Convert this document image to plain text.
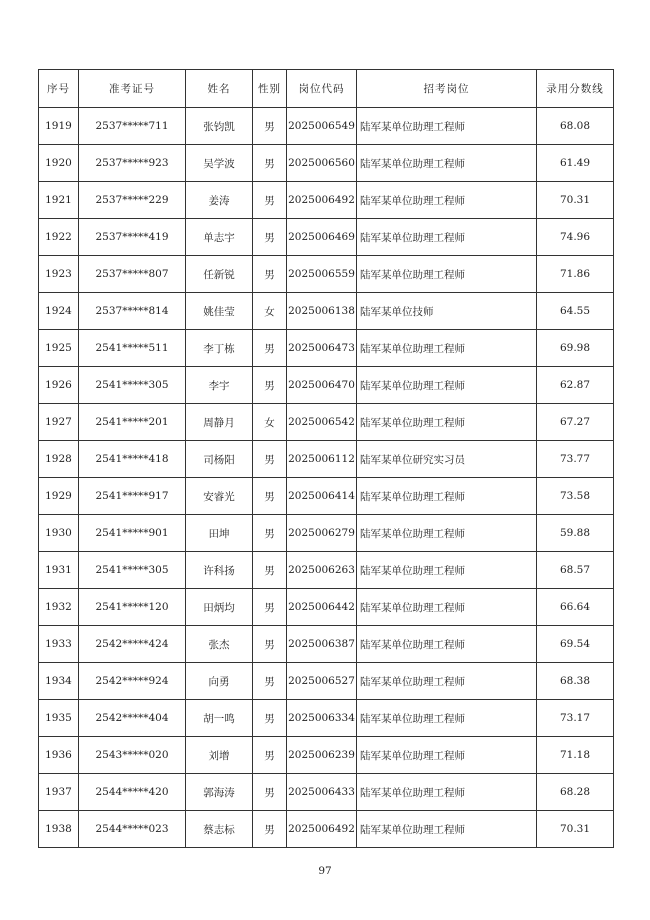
序号	准考证号	姓名	性别	岗位代码	招考岗位	录用分数线
1919	2537*****711	张钧凯	男	2025006549	陆军某单位助理工程师	68.08
1920	2537*****923	吴学波	男	2025006560	陆军某单位助理工程师	61.49
1921	2537*****229	姜涛	男	2025006492	陆军某单位助理工程师	70.31
1922	2537*****419	单志宇	男	2025006469	陆军某单位助理工程师	74.96
1923	2537*****807	任新锐	男	2025006559	陆军某单位助理工程师	71.86
1924	2537*****814	姚佳莹	女	2025006138	陆军某单位技师	64.55
1925	2541*****511	李丁栋	男	2025006473	陆军某单位助理工程师	69.98
1926	2541*****305	李宇	男	2025006470	陆军某单位助理工程师	62.87
1927	2541*****201	周静月	女	2025006542	陆军某单位助理工程师	67.27
1928	2541*****418	司杨阳	男	2025006112	陆军某单位研究实习员	73.77
1929	2541*****917	安睿光	男	2025006414	陆军某单位助理工程师	73.58
1930	2541*****901	田坤	男	2025006279	陆军某单位助理工程师	59.88
1931	2541*****305	许科扬	男	2025006263	陆军某单位助理工程师	68.57
1932	2541*****120	田炳均	男	2025006442	陆军某单位助理工程师	66.64
1933	2542*****424	张杰	男	2025006387	陆军某单位助理工程师	69.54
1934	2542*****924	向勇	男	2025006527	陆军某单位助理工程师	68.38
1935	2542*****404	胡一鸣	男	2025006334	陆军某单位助理工程师	73.17
1936	2543*****020	刘增	男	2025006239	陆军某单位助理工程师	71.18
1937	2544*****420	郭海涛	男	2025006433	陆军某单位助理工程师	68.28
1938	2544*****023	蔡志标	男	2025006492	陆军某单位助理工程师	70.31
97
